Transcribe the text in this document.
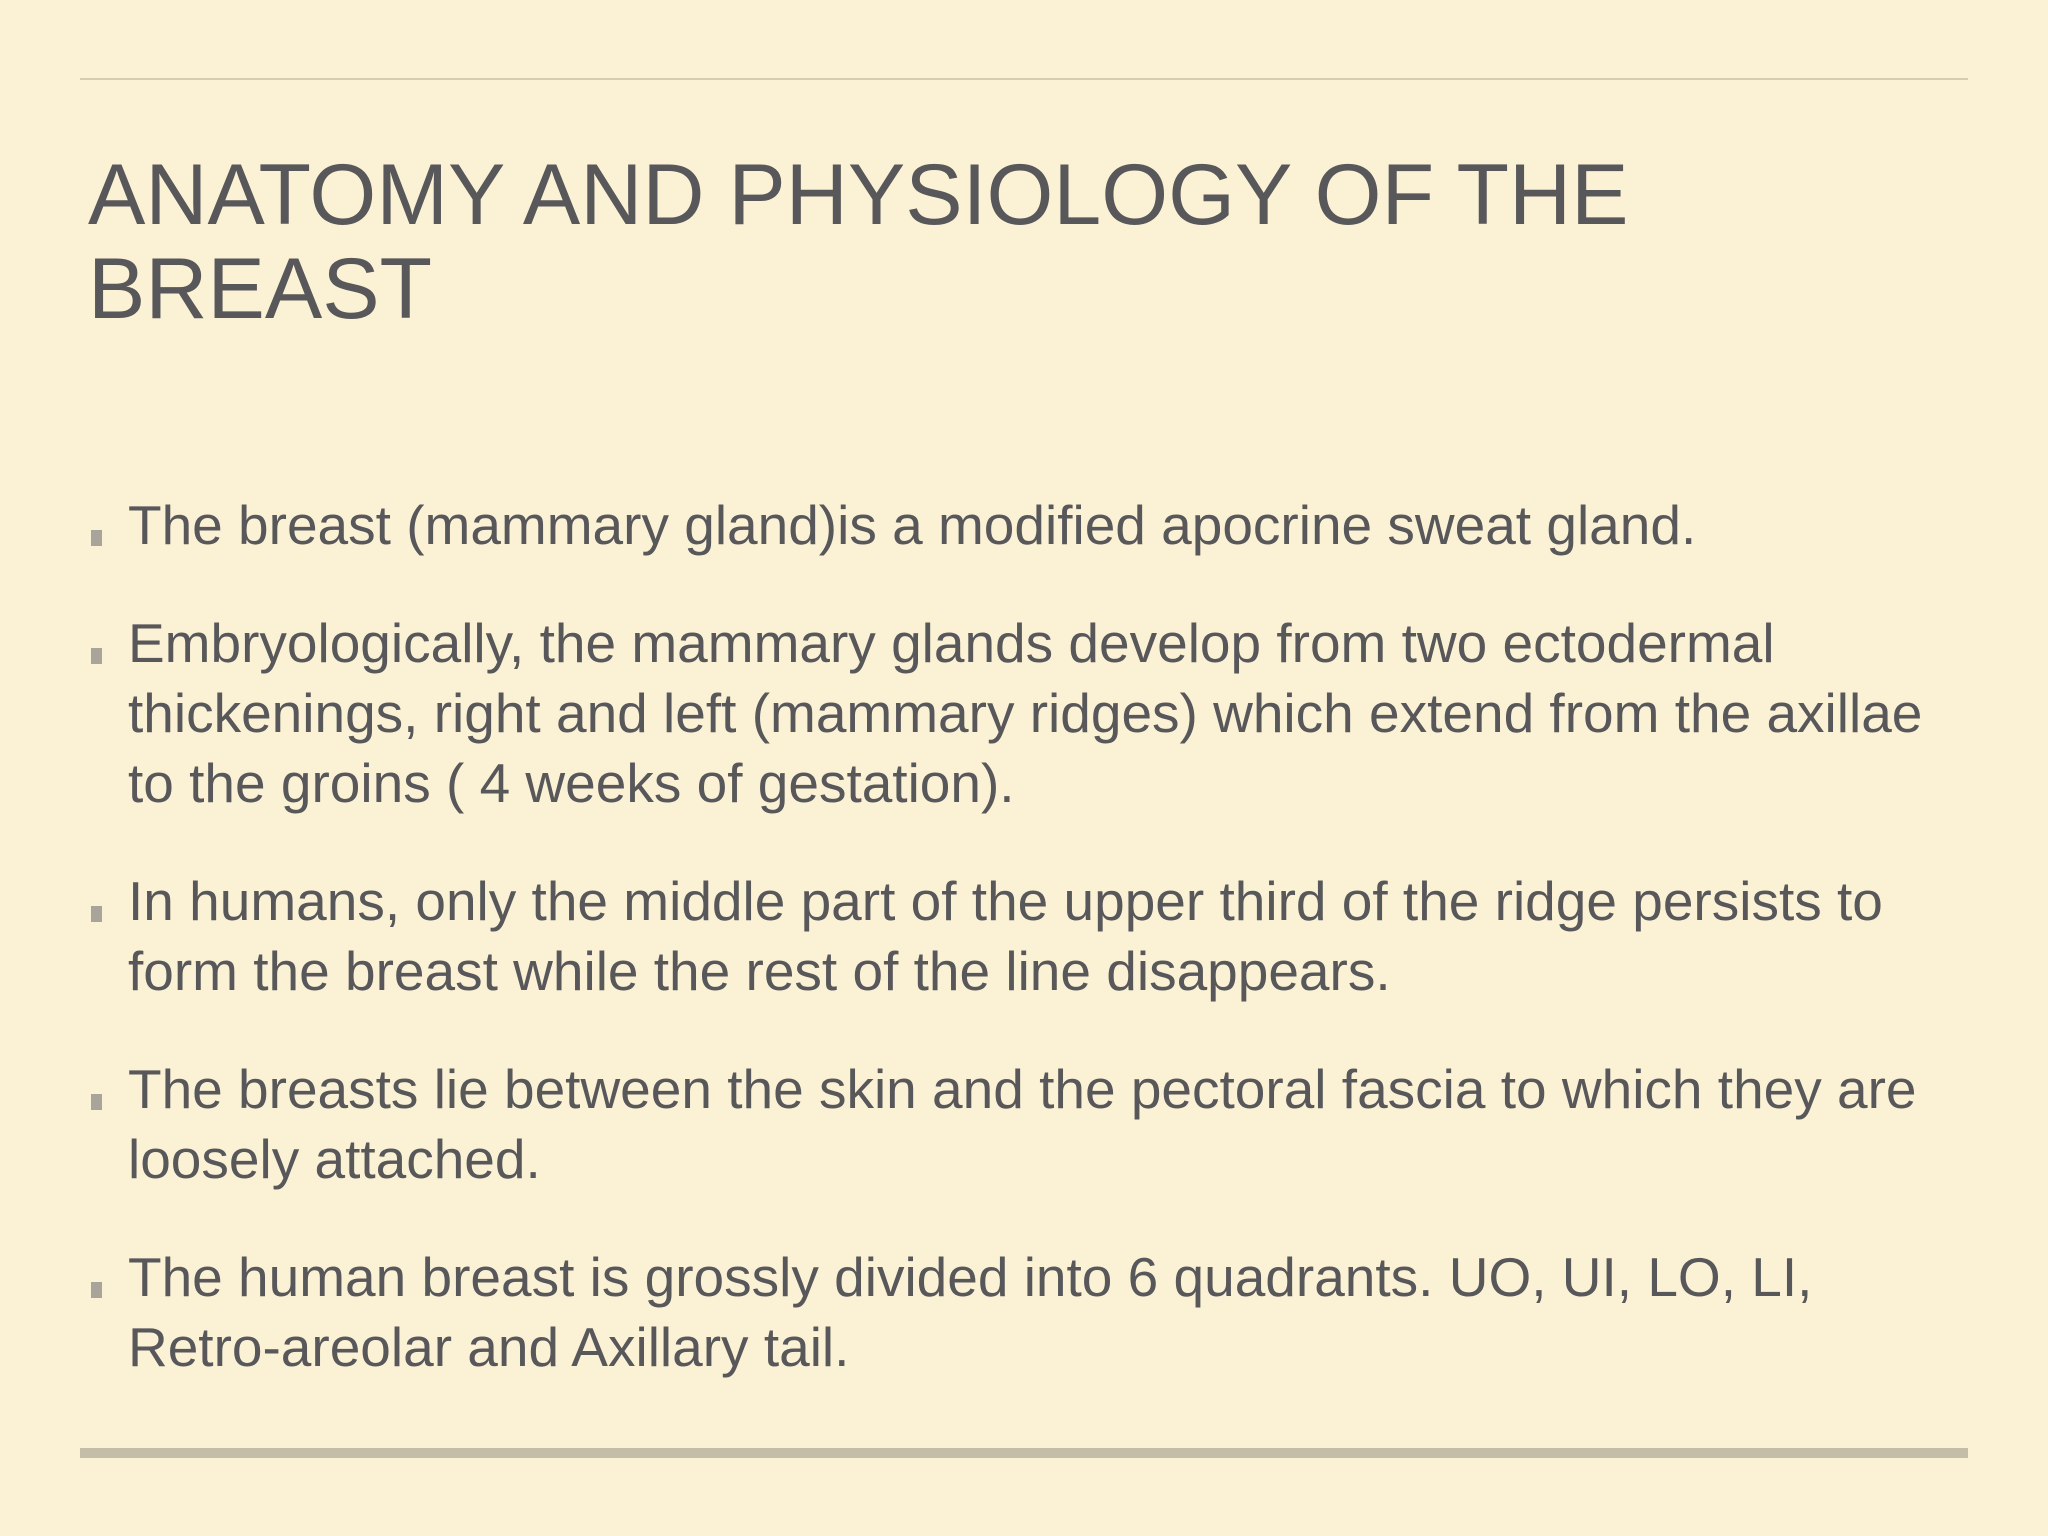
ANATOMY AND PHYSIOLOGY OF THE BREAST
The breast (mammary gland)is a modified apocrine sweat gland.
Embryologically, the mammary glands develop from two ectodermal thickenings, right and left (mammary ridges) which extend from the axillae to the groins ( 4 weeks of gestation).
In humans, only the middle part of the upper third of the ridge persists to form the breast while the rest of the line disappears.
The breasts lie between the skin and the pectoral fascia to which they are loosely attached.
The human breast is grossly divided into 6 quadrants. UO, UI, LO, LI, Retro-areolar and Axillary tail.
